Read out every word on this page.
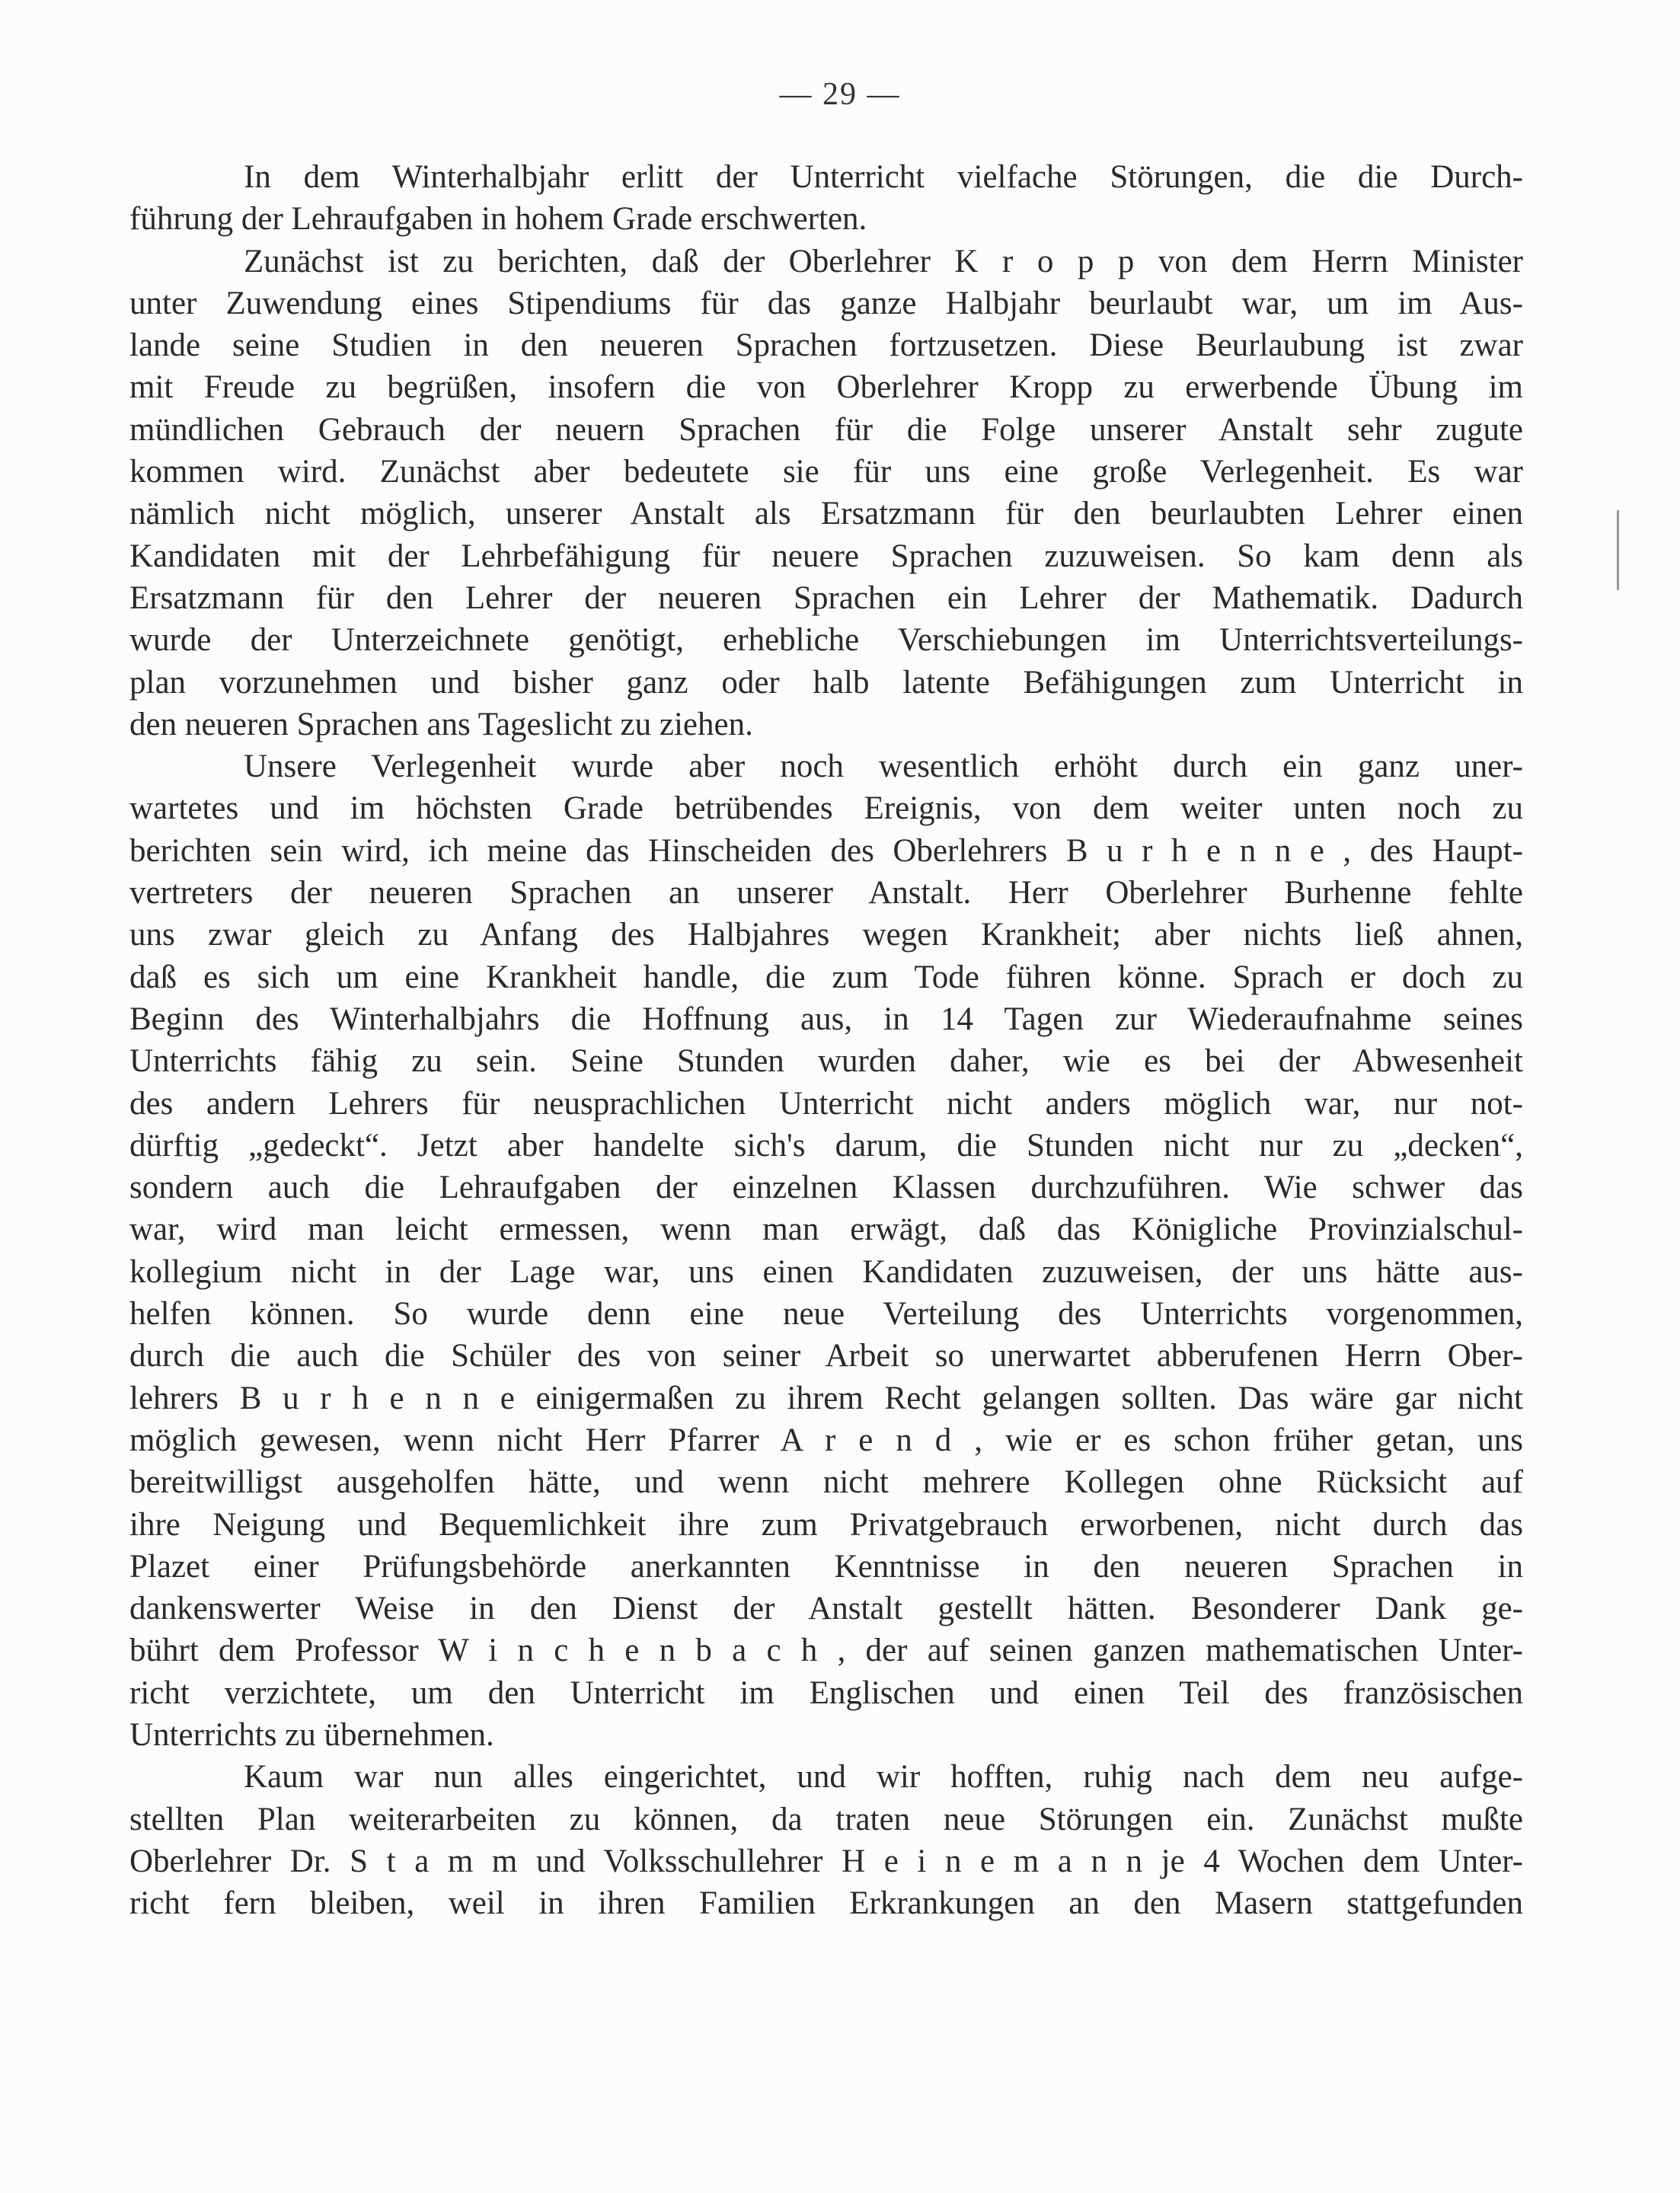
— 29 —
In dem Winterhalbjahr erlitt der Unterricht vielfache Störungen, die die Durch-
führung der Lehraufgaben in hohem Grade erschwerten.
Zunächst ist zu berichten, daß der Oberlehrer K r o p p von dem Herrn Minister
unter Zuwendung eines Stipendiums für das ganze Halbjahr beurlaubt war, um im Aus-
lande seine Studien in den neueren Sprachen fortzusetzen. Diese Beurlaubung ist zwar
mit Freude zu begrüßen, insofern die von Oberlehrer Kropp zu erwerbende Übung im
mündlichen Gebrauch der neuern Sprachen für die Folge unserer Anstalt sehr zugute
kommen wird. Zunächst aber bedeutete sie für uns eine große Verlegenheit. Es war
nämlich nicht möglich, unserer Anstalt als Ersatzmann für den beurlaubten Lehrer einen
Kandidaten mit der Lehrbefähigung für neuere Sprachen zuzuweisen. So kam denn als
Ersatzmann für den Lehrer der neueren Sprachen ein Lehrer der Mathematik. Dadurch
wurde der Unterzeichnete genötigt, erhebliche Verschiebungen im Unterrichtsverteilungs-
plan vorzunehmen und bisher ganz oder halb latente Befähigungen zum Unterricht in
den neueren Sprachen ans Tageslicht zu ziehen.
Unsere Verlegenheit wurde aber noch wesentlich erhöht durch ein ganz uner-
wartetes und im höchsten Grade betrübendes Ereignis, von dem weiter unten noch zu
berichten sein wird, ich meine das Hinscheiden des Oberlehrers B u r h e n n e , des Haupt-
vertreters der neueren Sprachen an unserer Anstalt. Herr Oberlehrer Burhenne fehlte
uns zwar gleich zu Anfang des Halbjahres wegen Krankheit; aber nichts ließ ahnen,
daß es sich um eine Krankheit handle, die zum Tode führen könne. Sprach er doch zu
Beginn des Winterhalbjahrs die Hoffnung aus, in 14 Tagen zur Wiederaufnahme seines
Unterrichts fähig zu sein. Seine Stunden wurden daher, wie es bei der Abwesenheit
des andern Lehrers für neusprachlichen Unterricht nicht anders möglich war, nur not-
dürftig „gedeckt“. Jetzt aber handelte sich's darum, die Stunden nicht nur zu „decken“,
sondern auch die Lehraufgaben der einzelnen Klassen durchzuführen. Wie schwer das
war, wird man leicht ermessen, wenn man erwägt, daß das Königliche Provinzialschul-
kollegium nicht in der Lage war, uns einen Kandidaten zuzuweisen, der uns hätte aus-
helfen können. So wurde denn eine neue Verteilung des Unterrichts vorgenommen,
durch die auch die Schüler des von seiner Arbeit so unerwartet abberufenen Herrn Ober-
lehrers B u r h e n n e einigermaßen zu ihrem Recht gelangen sollten. Das wäre gar nicht
möglich gewesen, wenn nicht Herr Pfarrer A r e n d , wie er es schon früher getan, uns
bereitwilligst ausgeholfen hätte, und wenn nicht mehrere Kollegen ohne Rücksicht auf
ihre Neigung und Bequemlichkeit ihre zum Privatgebrauch erworbenen, nicht durch das
Plazet einer Prüfungsbehörde anerkannten Kenntnisse in den neueren Sprachen in
dankenswerter Weise in den Dienst der Anstalt gestellt hätten. Besonderer Dank ge-
bührt dem Professor W i n c h e n b a c h , der auf seinen ganzen mathematischen Unter-
richt verzichtete, um den Unterricht im Englischen und einen Teil des französischen
Unterrichts zu übernehmen.
Kaum war nun alles eingerichtet, und wir hofften, ruhig nach dem neu aufge-
stellten Plan weiterarbeiten zu können, da traten neue Störungen ein. Zunächst mußte
Oberlehrer Dr. S t a m m und Volksschullehrer H e i n e m a n n je 4 Wochen dem Unter-
richt fern bleiben, weil in ihren Familien Erkrankungen an den Masern stattgefunden
